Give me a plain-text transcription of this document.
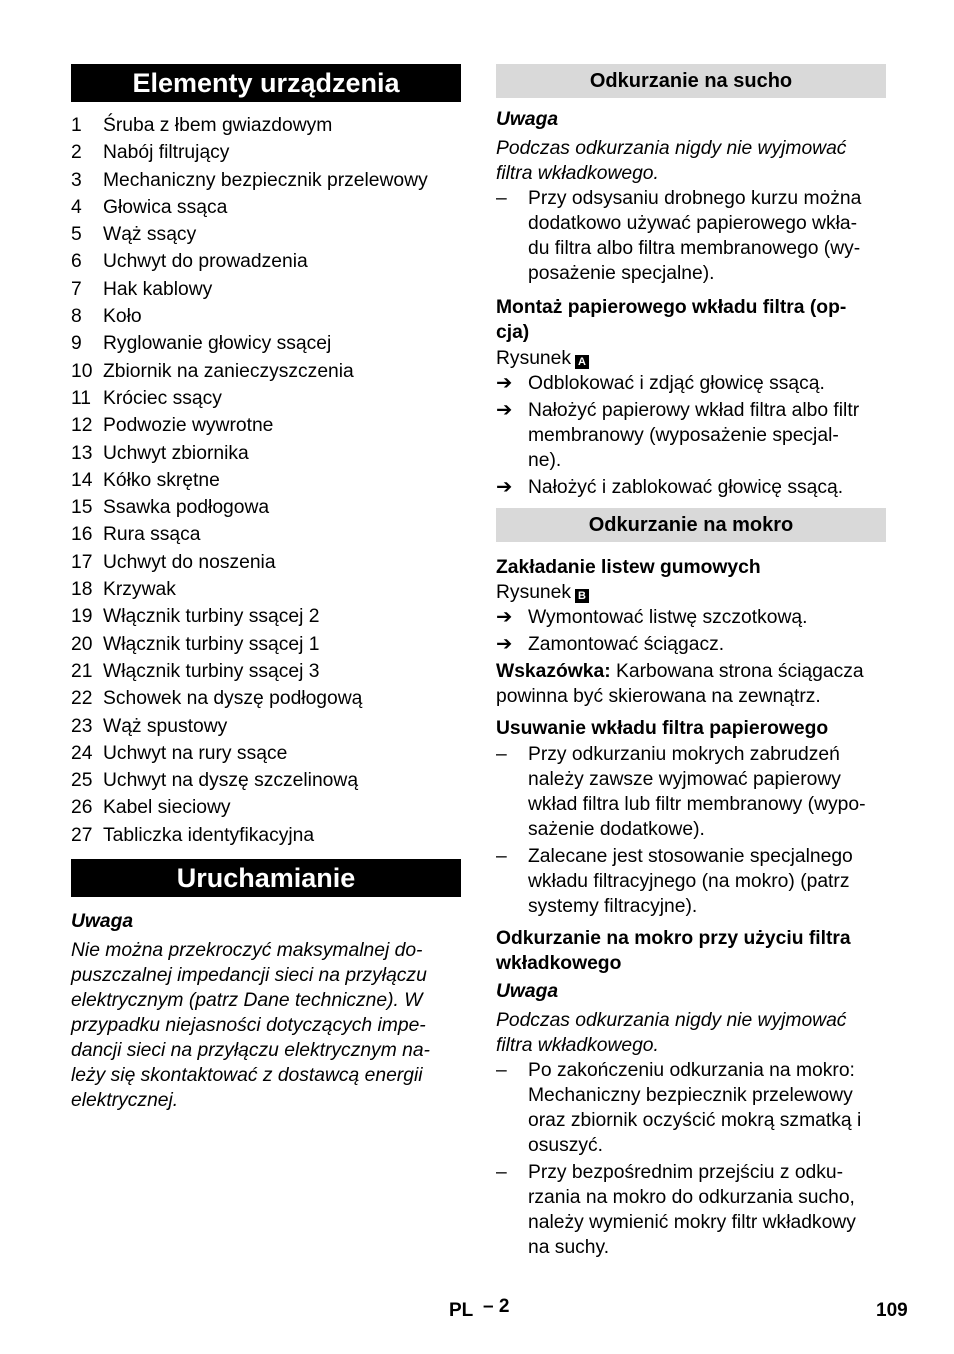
Elementy urządzenia
1 Śruba z łbem gwiazdowym
2 Nabój filtrujący
3 Mechaniczny bezpiecznik przelewowy
4 Głowica ssąca
5 Wąż ssący
6 Uchwyt do prowadzenia
7 Hak kablowy
8 Koło
9 Ryglowanie głowicy ssącej
10 Zbiornik na zanieczyszczenia
11 Króciec ssący
12 Podwozie wywrotne
13 Uchwyt zbiornika
14 Kółko skrętne
15 Ssawka podłogowa
16 Rura ssąca
17 Uchwyt do noszenia
18 Krzywak
19 Włącznik turbiny ssącej 2
20 Włącznik turbiny ssącej 1
21 Włącznik turbiny ssącej 3
22 Schowek na dyszę podłogową
23 Wąż spustowy
24 Uchwyt na rury ssące
25 Uchwyt na dyszę szczelinową
26 Kabel sieciowy
27 Tabliczka identyfikacyjna
Uruchamianie
Uwaga
Nie można przekroczyć maksymalnej do-
puszczalnej impedancji sieci na przyłączu
elektrycznym (patrz Dane techniczne). W
przypadku niejasności dotyczących impe-
dancji sieci na przyłączu elektrycznym na-
leży się skontaktować z dostawcą energii
elektrycznej.
Odkurzanie na sucho
Uwaga
Podczas odkurzania nigdy nie wyjmować
filtra wkładkowego.
– Przy odsysaniu drobnego kurzu można
dodatkowo używać papierowego wkła-
du filtra albo filtra membranowego (wy-
posażenie specjalne).
Montaż papierowego wkładu filtra (op-
cja)
Rysunek A
➔ Odblokować i zdjąć głowicę ssącą.
➔ Nałożyć papierowy wkład filtra albo filtr
membranowy (wyposażenie specjal-
ne).
➔ Nałożyć i zablokować głowicę ssącą.
Odkurzanie na mokro
Zakładanie listew gumowych
Rysunek B
➔ Wymontować listwę szczotkową.
➔ Zamontować ściągacz.
Wskazówka: Karbowana strona ściągacza
powinna być skierowana na zewnątrz.
Usuwanie wkładu filtra papierowego
– Przy odkurzaniu mokrych zabrudzeń
należy zawsze wyjmować papierowy
wkład filtra lub filtr membranowy (wypo-
sażenie dodatkowe).
– Zalecane jest stosowanie specjalnego
wkładu filtracyjnego (na mokro) (patrz
systemy filtracyjne).
Odkurzanie na mokro przy użyciu filtra
wkładkowego
Uwaga
Podczas odkurzania nigdy nie wyjmować
filtra wkładkowego.
– Po zakończeniu odkurzania na mokro:
Mechaniczny bezpiecznik przelewowy
oraz zbiornik oczyścić mokrą szmatką i
osuszyć.
– Przy bezpośrednim przejściu z odku-
rzania na mokro do odkurzania sucho,
należy wymienić mokry filtr wkładkowy
na suchy.
PL – 2	109
